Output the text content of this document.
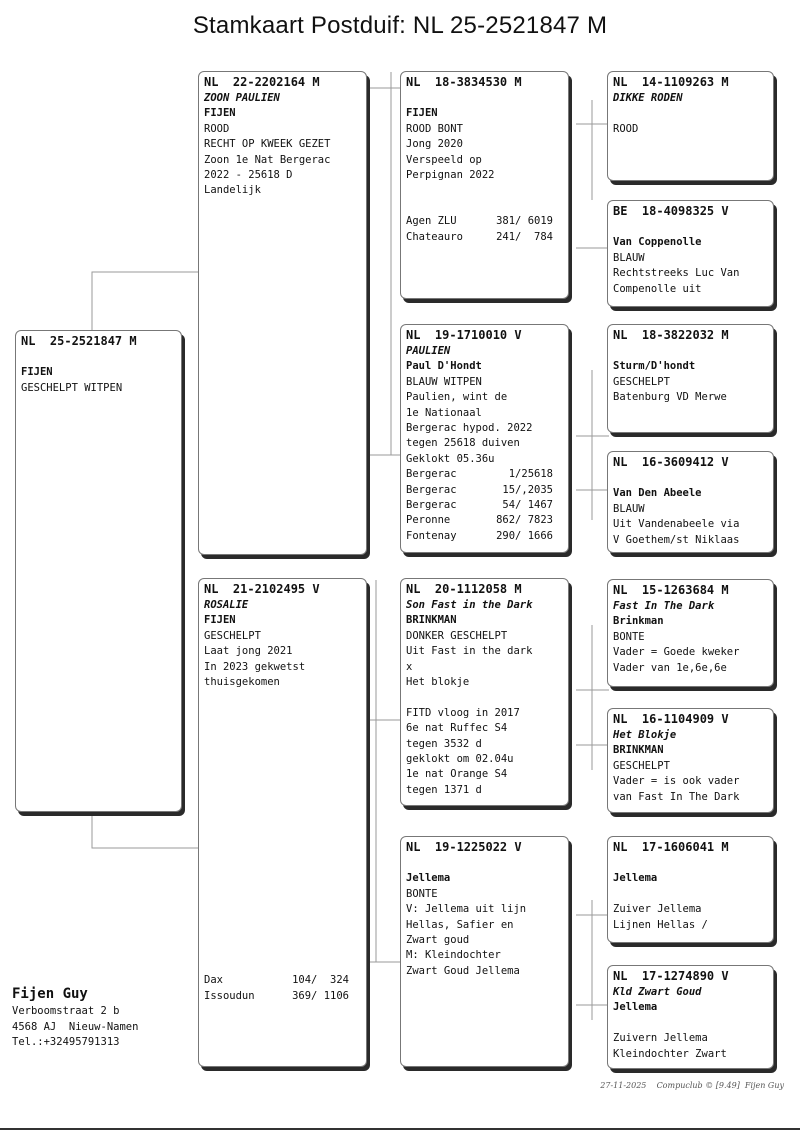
Stamkaart Postduif: NL 25-2521847 M
NL  25-2521847 M
FIJEN
GESCHELPT WITPEN
NL  22-2202164 M
ZOON PAULIEN
FIJEN
ROOD
RECHT OP KWEEK GEZET
Zoon 1e Nat Bergerac
2022 - 25618 D
Landelijk
NL  21-2102495 V
ROSALIE
FIJEN
GESCHELPT
Laat jong 2021
In 2023 gekwetst
thuisgekomen
Dax	104/  324
Issoudun	369/ 1106
NL  18-3834530 M
FIJEN
ROOD BONT
Jong 2020
Verspeeld op
Perpignan 2022
Agen ZLU	381/ 6019
Chateauro	241/  784
NL  19-1710010 V
PAULIEN
Paul D'Hondt
BLAUW WITPEN
Paulien, wint de
1e Nationaal
Bergerac hypod. 2022
tegen 25618 duiven
Geklokt 05.36u
Bergerac	1/25618
Bergerac	15/,2035
Bergerac	54/ 1467
Peronne	862/ 7823
Fontenay	290/ 1666
NL  20-1112058 M
Son Fast in the Dark
BRINKMAN
DONKER GESCHELPT
Uit Fast in the dark
x
Het blokje
FITD vloog in 2017
6e nat Ruffec S4
tegen 3532 d
geklokt om 02.04u
1e nat Orange S4
tegen 1371 d
NL  19-1225022 V
Jellema
BONTE
V: Jellema uit lijn
Hellas, Safier en
Zwart goud
M: Kleindochter
Zwart Goud Jellema
NL  14-1109263 M
DIKKE RODEN
ROOD
BE  18-4098325 V
Van Coppenolle
BLAUW
Rechtstreeks Luc Van
Compenolle uit
NL  18-3822032 M
Sturm/D'hondt
GESCHELPT
Batenburg VD Merwe
NL  16-3609412 V
Van Den Abeele
BLAUW
Uit Vandenabeele via
V Goethem/st Niklaas
NL  15-1263684 M
Fast In The Dark
Brinkman
BONTE
Vader = Goede kweker
Vader van 1e,6e,6e
NL  16-1104909 V
Het Blokje
BRINKMAN
GESCHELPT
Vader = is ook vader
van Fast In The Dark
NL  17-1606041 M
Jellema
Zuiver Jellema
Lijnen Hellas /
NL  17-1274890 V
Kld Zwart Goud
Jellema
Zuivern Jellema
Kleindochter Zwart
Fijen Guy
Verboomstraat 2 b
4568 AJ  Nieuw-Namen
Tel.:+32495791313
27-11-2025 Compuclub © [9.49] Fijen Guy
